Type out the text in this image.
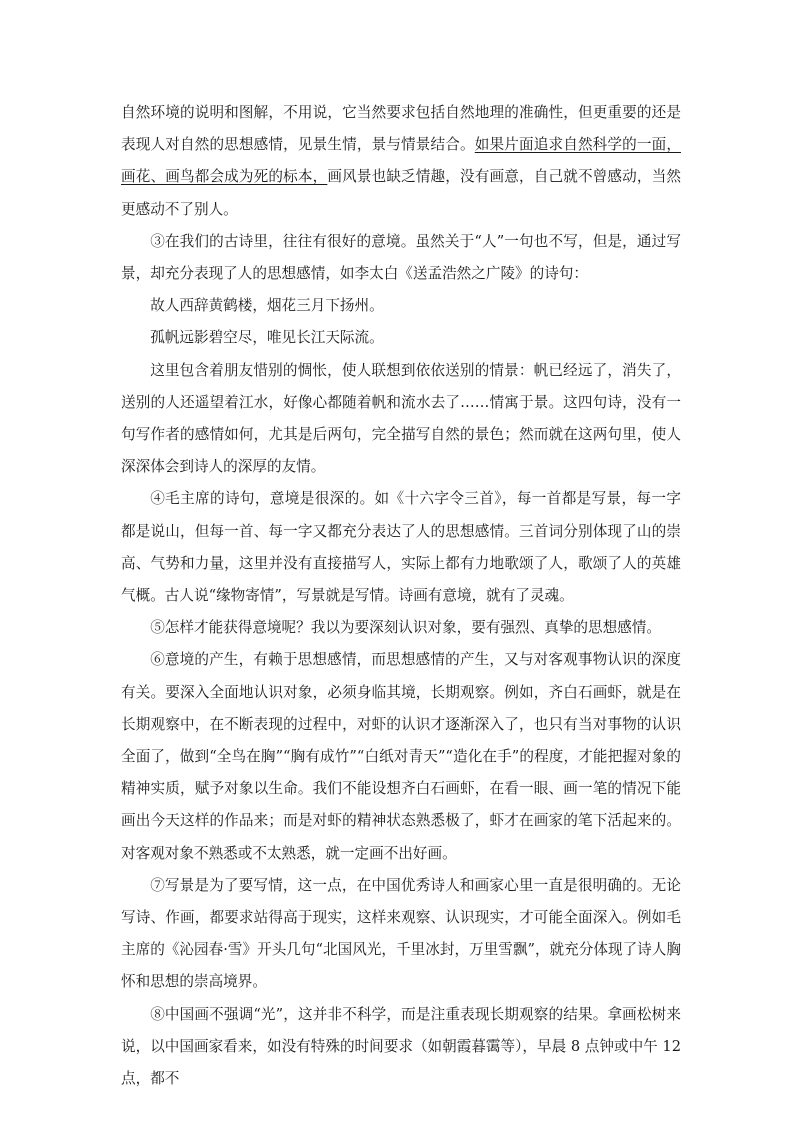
自然环境的说明和图解，不用说，它当然要求包括自然地理的准确性，但更重要的还是表现人对自然的思想感情，见景生情，景与情景结合。如果片面追求自然科学的一面，画花、画鸟都会成为死的标本，画风景也缺乏情趣，没有画意，自己就不曾感动，当然更感动不了别人。

③在我们的古诗里，往往有很好的意境。虽然关于“人”一句也不写，但是，通过写景，却充分表现了人的思想感情，如李太白《送孟浩然之广陵》的诗句：

故人西辞黄鹤楼，烟花三月下扬州。

孤帆远影碧空尽，唯见长江天际流。

这里包含着朋友惜别的惆怅，使人联想到依依送别的情景：帆已经远了，消失了，送别的人还遥望着江水，好像心都随着帆和流水去了……情寓于景。这四句诗，没有一句写作者的感情如何，尤其是后两句，完全描写自然的景色；然而就在这两句里，使人深深体会到诗人的深厚的友情。

④毛主席的诗句，意境是很深的。如《十六字令三首》，每一首都是写景，每一字都是说山，但每一首、每一字又都充分表达了人的思想感情。三首词分别体现了山的崇高、气势和力量，这里并没有直接描写人，实际上都有力地歌颂了人，歌颂了人的英雄气概。古人说“缘物寄情”，写景就是写情。诗画有意境，就有了灵魂。

⑤怎样才能获得意境呢？我以为要深刻认识对象，要有强烈、真挚的思想感情。

⑥意境的产生，有赖于思想感情，而思想感情的产生，又与对客观事物认识的深度有关。要深入全面地认识对象，必须身临其境，长期观察。例如，齐白石画虾，就是在长期观察中，在不断表现的过程中，对虾的认识才逐渐深入了，也只有当对事物的认识全面了，做到“全鸟在胸”“胸有成竹”“白纸对青天”“造化在手”的程度，才能把握对象的精神实质，赋予对象以生命。我们不能设想齐白石画虾，在看一眼、画一笔的情况下能画出今天这样的作品来；而是对虾的精神状态熟悉极了，虾才在画家的笔下活起来的。对客观对象不熟悉或不太熟悉，就一定画不出好画。

⑦写景是为了要写情，这一点，在中国优秀诗人和画家心里一直是很明确的。无论写诗、作画，都要求站得高于现实，这样来观察、认识现实，才可能全面深入。例如毛主席的《沁园春·雪》开头几句“北国风光，千里冰封，万里雪飘”，就充分体现了诗人胸怀和思想的崇高境界。

⑧中国画不强调“光”，这并非不科学，而是注重表现长期观察的结果。拿画松树来说，以中国画家看来，如没有特殊的时间要求（如朝霞暮霭等），早晨 8 点钟或中午 12 点，都不
